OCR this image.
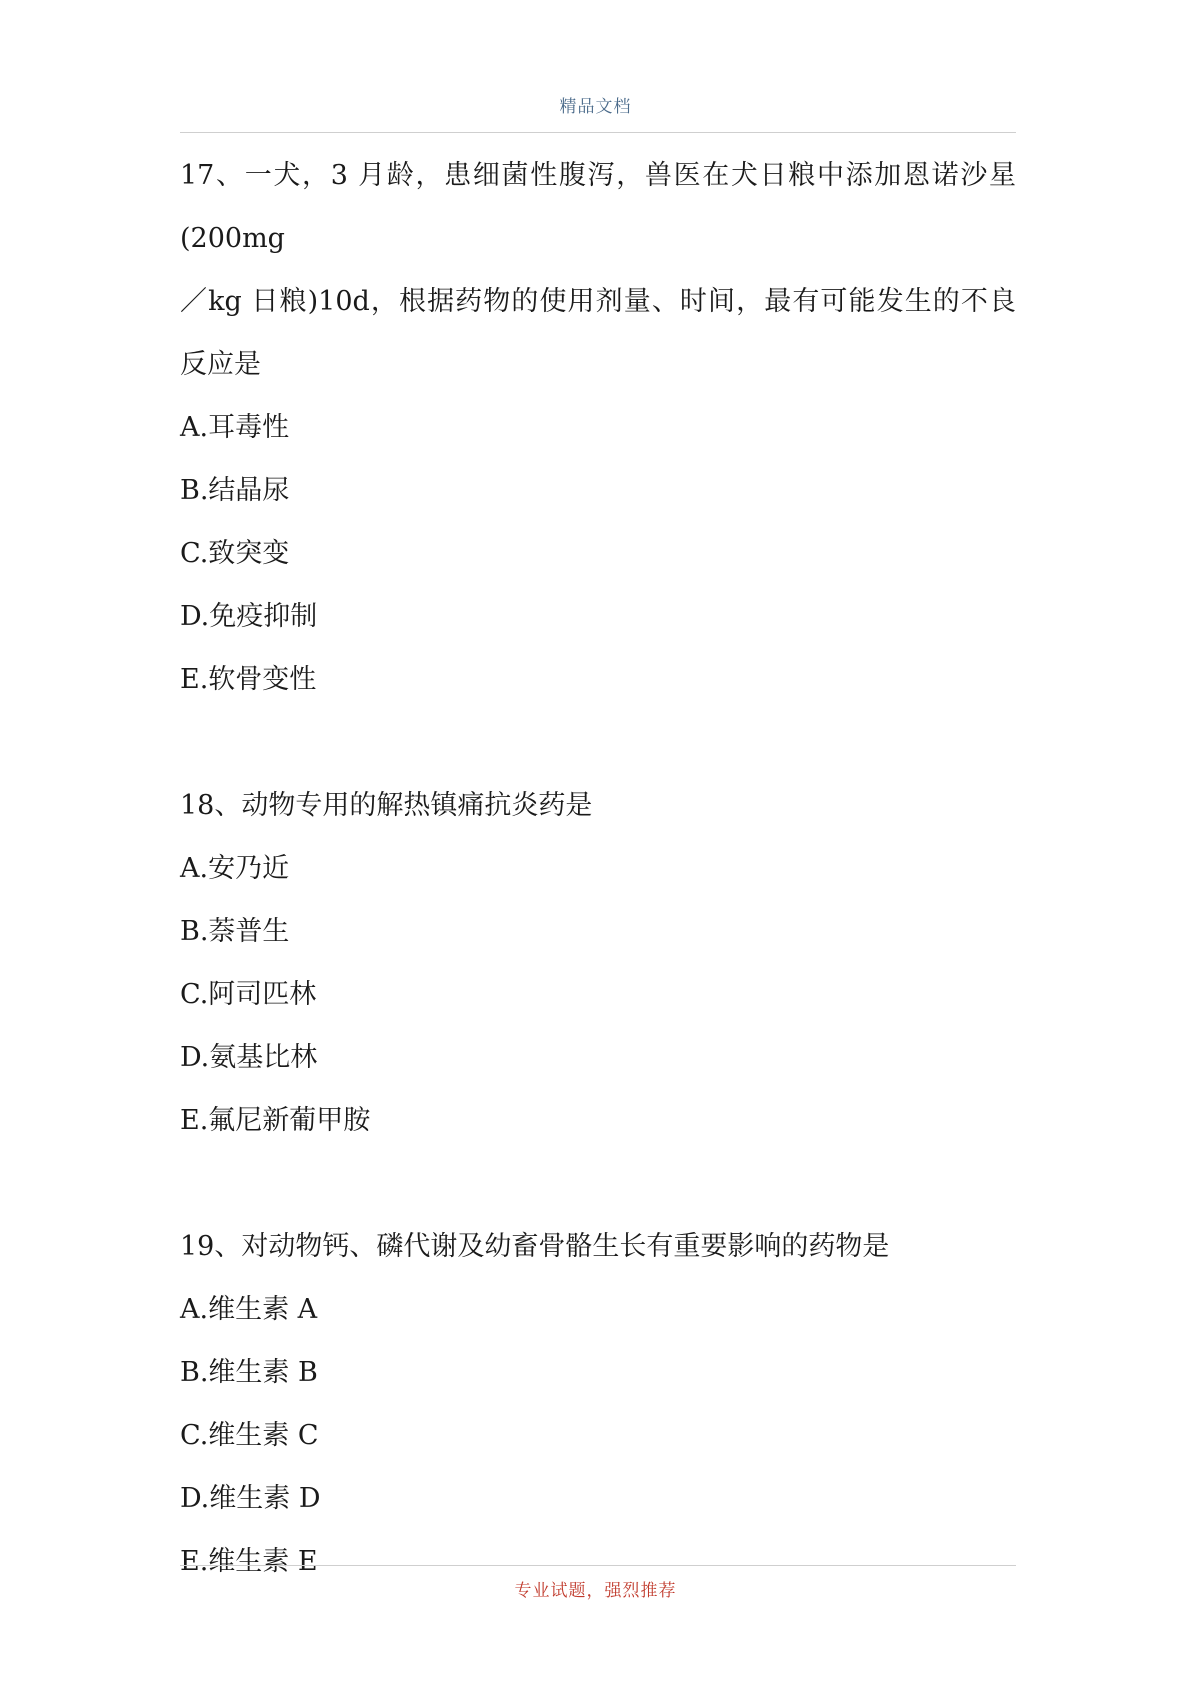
精品文档

17、一犬，3 月龄，患细菌性腹泻，兽医在犬日粮中添加恩诺沙星(200mg

／kg 日粮)10d，根据药物的使用剂量、时间，最有可能发生的不良

反应是

A.耳毒性

B.结晶尿

C.致突变

D.免疫抑制

E.软骨变性

18、动物专用的解热镇痛抗炎药是

A.安乃近

B.萘普生

C.阿司匹林

D.氨基比林

E.氟尼新葡甲胺

19、对动物钙、磷代谢及幼畜骨骼生长有重要影响的药物是

A.维生素 A

B.维生素 B

C.维生素 C

D.维生素 D

E.维生素 E

专业试题，强烈推荐
